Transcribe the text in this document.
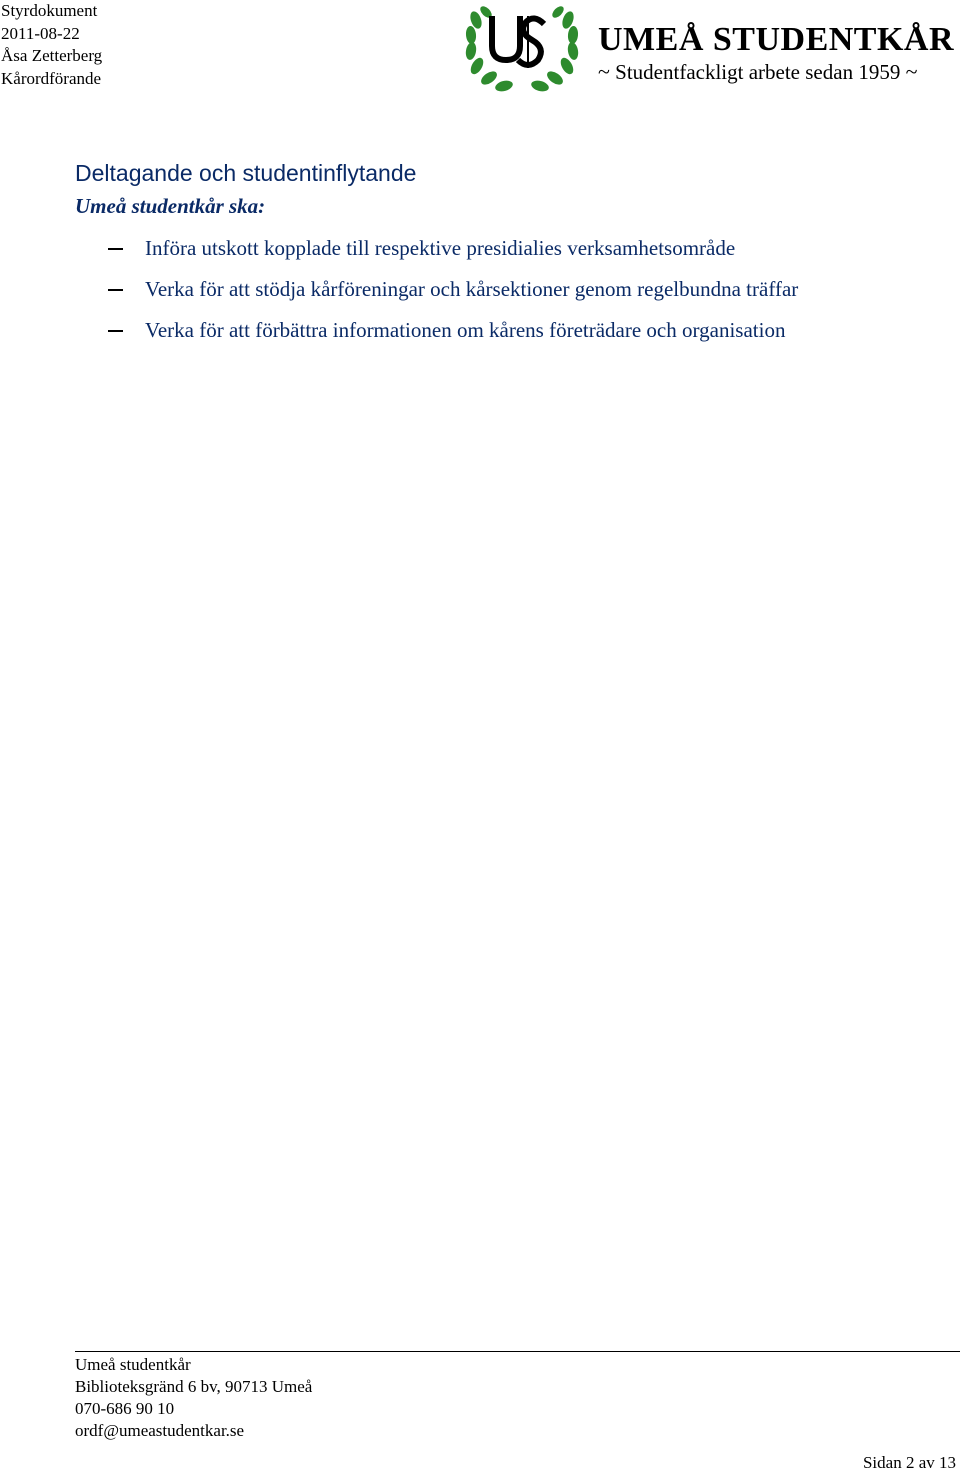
Styrdokument
2011-08-22
Åsa Zetterberg
Kårordförande
UMEÅ STUDENTKÅR
~ Studentfackligt arbete sedan 1959 ~
Deltagande och studentinflytande
Umeå studentkår ska:
Införa utskott kopplade till respektive presidialies verksamhetsområde
Verka för att stödja kårföreningar och kårsektioner genom regelbundna träffar
Verka för att förbättra informationen om kårens företrädare och organisation
Umeå studentkår
Biblioteksgränd 6 bv, 90713 Umeå
070-686 90 10
ordf@umeastudentkar.se
Sidan 2 av 13
